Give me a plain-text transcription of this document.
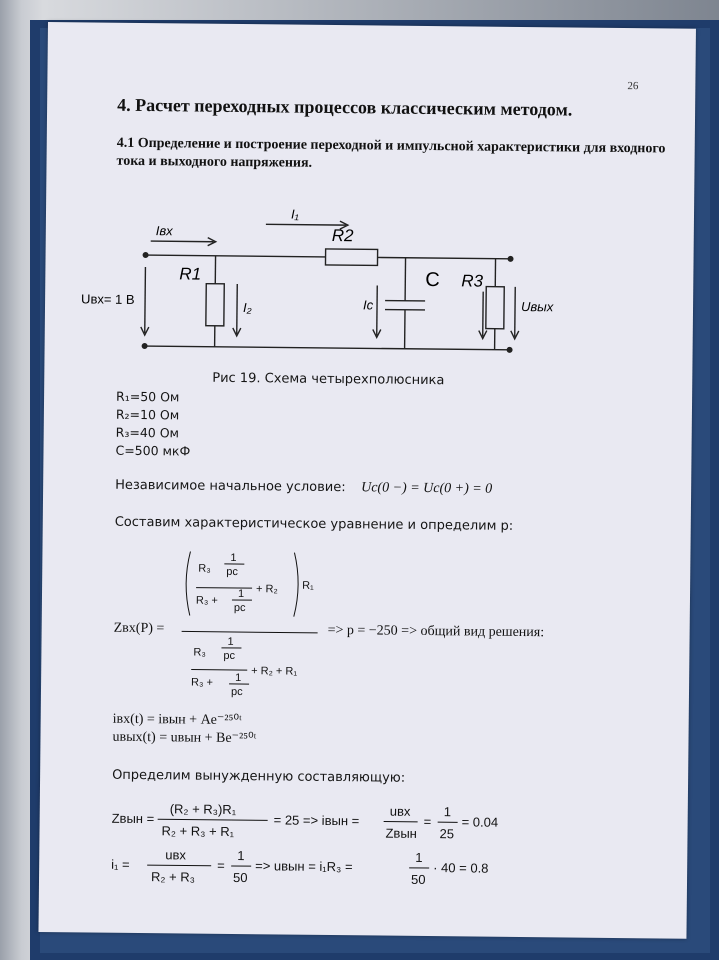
26
4. Расчет переходных процессов классическим методом.
4.1 Определение и построение переходной и импульсной характеристики для входного тока и выходного напряжения.
I₁
Iвх	R2
R1	C R3
Uвх= 1 В
I₂	Iс	Uвых
Рис 19. Схема четырехполюсника
R₁=50 Ом
R₂=10 Ом
R₃=40 Ом
C=500 мкФ
Независимое начальное условие: Uc(0 −) = Uc(0 +) = 0
Составим характеристическое уравнение и определим p:
Zвх(P) =
R₃
1
pc
R₃ +
1
pc
+ R₂ R₁
R₃
1
pc
R₃ + 1
pc
+ R₂ + R₁
=> p = −250 => общий вид решения:
iвх(t) = iвын + Ae⁻²⁵⁰ᵗ
uвых(t) = uвын + Be⁻²⁵⁰ᵗ
Определим вынужденную составляющую:
Zвын =
(R₂ + R₃)R₁
R₂ + R₃ + R₁
= 25 => iвын =
uвх
Zвын
=
1
25
= 0.04
i₁ =
uвх
R₂ + R₃
=
1
50
=> uвын = i₁R₃ =
1
50
· 40 = 0.8
